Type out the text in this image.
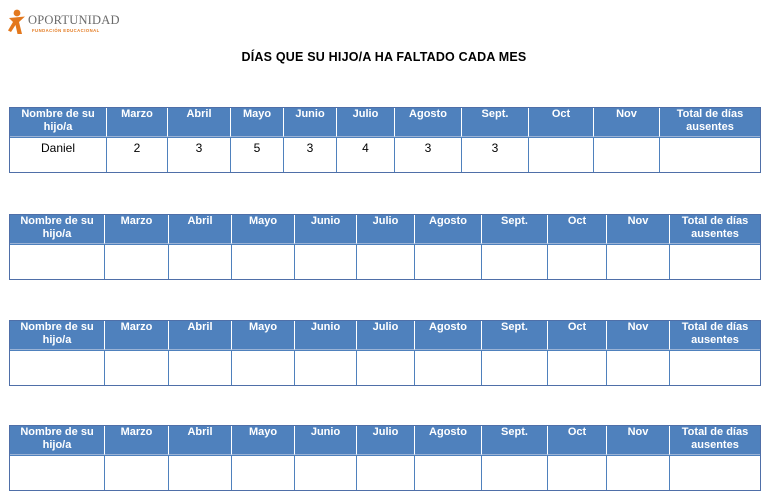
OPORTUNIDAD
FUNDACIÓN EDUCACIONAL
DÍAS QUE SU HIJO/A HA FALTADO CADA MES
Nombre de su hijo/a	Marzo	Abril	Mayo	Junio	Julio	Agosto	Sept.	Oct	Nov	Total de días ausentes
Daniel	2	3	5	3	4	3	3			
Nombre de su hijo/a	Marzo	Abril	Mayo	Junio	Julio	Agosto	Sept.	Oct	Nov	Total de días ausentes

Nombre de su hijo/a	Marzo	Abril	Mayo	Junio	Julio	Agosto	Sept.	Oct	Nov	Total de días ausentes

Nombre de su hijo/a	Marzo	Abril	Mayo	Junio	Julio	Agosto	Sept.	Oct	Nov	Total de días ausentes
